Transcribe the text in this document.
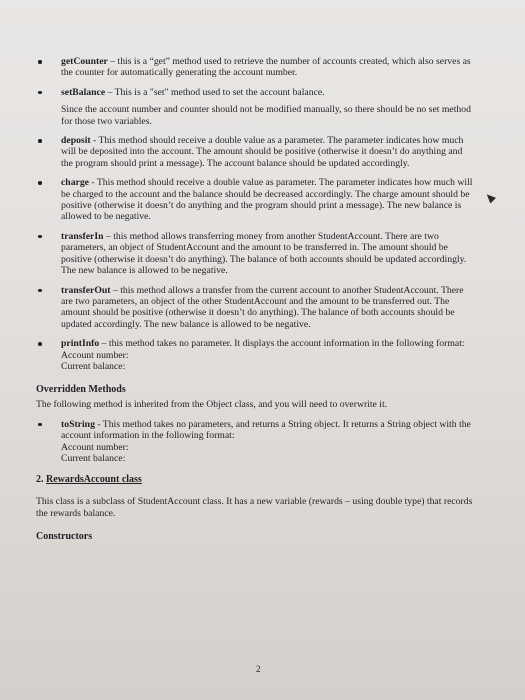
getCounter – this is a “get” method used to retrieve the number of accounts created, which also serves as the counter for automatically generating the account number.

setBalance – This is a "set" method used to set the account balance.

Since the account number and counter should not be modified manually, so there should be no set method for those two variables.

deposit - This method should receive a double value as a parameter. The parameter indicates how much will be deposited into the account. The amount should be positive (otherwise it doesn’t do anything and the program should print a message). The account balance should be updated accordingly.

charge - This method should receive a double value as parameter. The parameter indicates how much will be charged to the account and the balance should be decreased accordingly. The charge amount should be positive (otherwise it doesn’t do anything and the program should print a message). The new balance is allowed to be negative.

transferIn – this method allows transferring money from another StudentAccount. There are two parameters, an object of StudentAccount and the amount to be transferred in. The amount should be positive (otherwise it doesn’t do anything). The balance of both accounts should be updated accordingly. The new balance is allowed to be negative.

transferOut – this method allows a transfer from the current account to another StudentAccount. There are two parameters, an object of the other StudentAccount and the amount to be transferred out. The amount should be positive (otherwise it doesn’t do anything). The balance of both accounts should be updated accordingly. The new balance is allowed to be negative.

printInfo – this method takes no parameter. It displays the account information in the following format:

Account number:

Current balance:

Overridden Methods

The following method is inherited from the Object class, and you will need to overwrite it.

toString - This method takes no parameters, and returns a String object. It returns a String object with the account information in the following format:

Account number:

Current balance:

2. RewardsAccount class

This class is a subclass of StudentAccount class. It has a new variable (rewards – using double type) that records the rewards balance.

Constructors
2
